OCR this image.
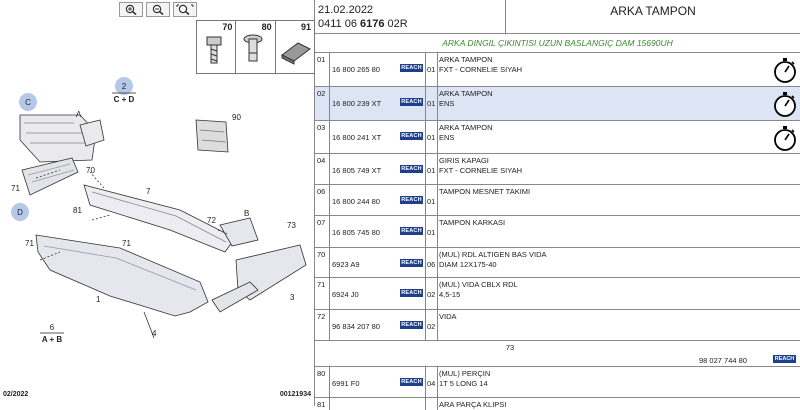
70	80	91
2
C + D
C
A	90
71
70
7
D	81
71
B
72
73
71
1	3
4
6
A + B
02/2022	00121934
21.02.2022
0411 06 6176 02R
ARKA TAMPON
ARKA DINGIL ÇIKINTISI UZUN BASLANGIÇ DAM 15690UH
01
16 800 265 80	REACH 01
ARKA TAMPON
FXT - CORNELIE SIYAH
02
16 800 239 XT	REACH 01
ARKA TAMPON
ENS
03
16 800 241 XT	REACH 01
ARKA TAMPON
ENS
04
16 805 749 XT	REACH 01
GIRIS KAPAGI
FXT - CORNELIE SIYAH
06
16 800 244 80	REACH 01
TAMPON MESNET TAKIMI
07
16 805 745 80	REACH 01
TAMPON KARKASI
70
6923 A9	REACH 06
(MUL) RDL ALTIGEN BAS VIDA
DIAM 12X175-40
71
6924 J0	REACH 02
(MUL) VIDA CBLX RDL
4,5-15
72
96 834 207 80	REACH 02
VIDA
73
98 027 744 80	REACH
80
6991 F0	REACH 04
(MUL) PERÇIN
1T 5 LONG 14
81	ARA PARÇA KLIPSI
